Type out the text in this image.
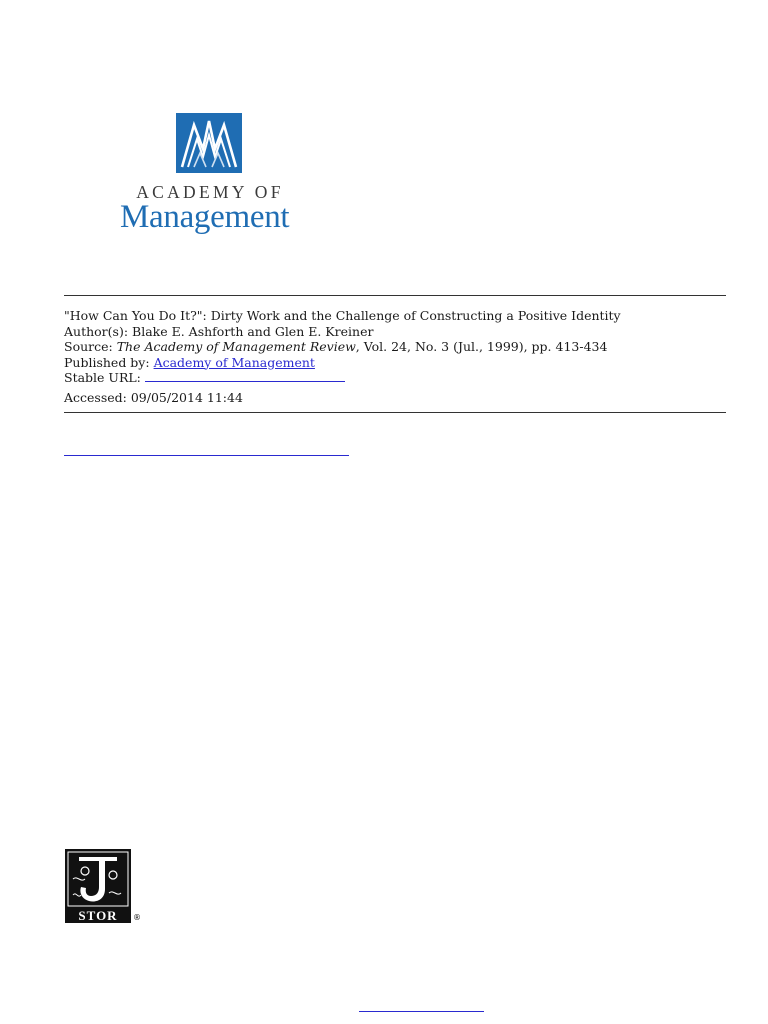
ACADEMY OF
Management
"How Can You Do It?": Dirty Work and the Challenge of Constructing a Positive Identity
Author(s): Blake E. Ashforth and Glen E. Kreiner
Source: The Academy of Management Review, Vol. 24, No. 3 (Jul., 1999), pp. 413-434
Published by: Academy of Management
Stable URL:
Accessed: 09/05/2014 11:44
STOR	®
